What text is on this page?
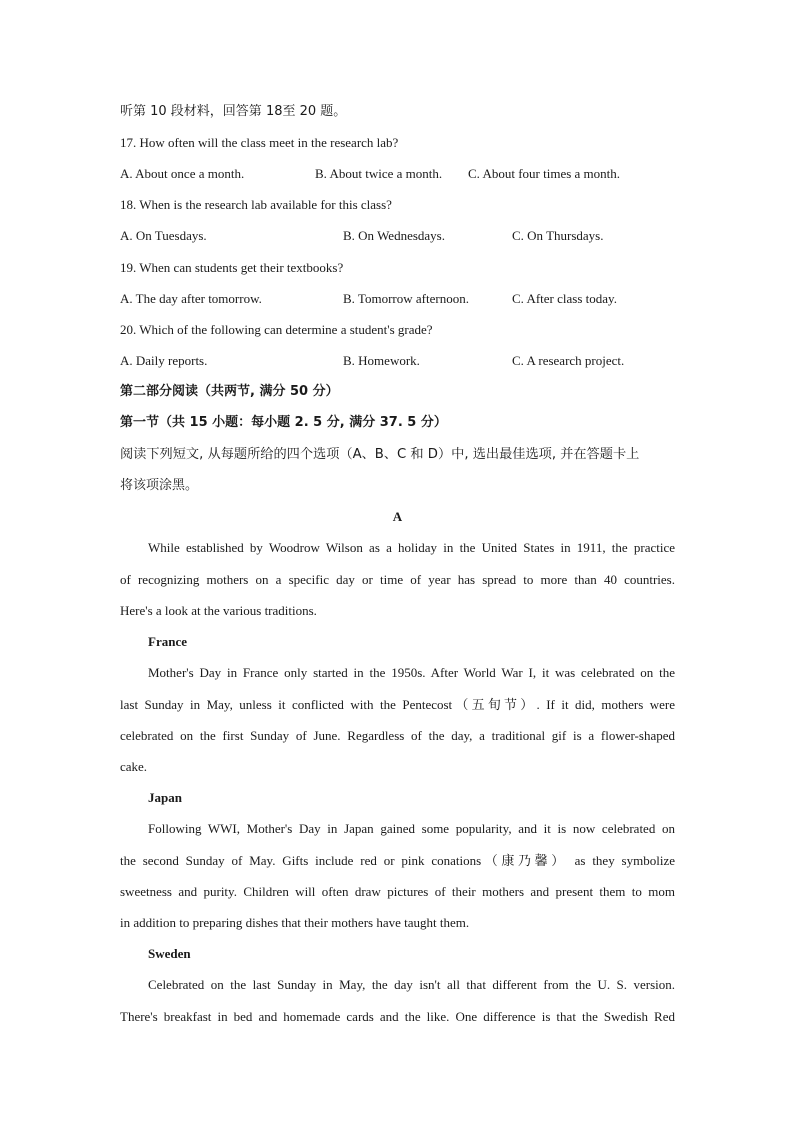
听第 10 段材料，回答第 18至 20 题。
17. How often will the class meet in the research lab?
A. About once a month.	B. About twice a month. C. About four times a month.
18. When is the research lab available for this class?
A. On Tuesdays.	B. On Wednesdays.	C. On Thursdays.
19. When can students get their textbooks?
A. The day after tomorrow.	B. Tomorrow afternoon.	C. After class today.
20. Which of the following can determine a student's grade?
A. Daily reports.	B. Homework.	C. A research project.
第二部分阅读（共两节, 满分 50 分）
第一节（共 15 小题：每小题 2. 5 分, 满分 37. 5 分）
阅读下列短文, 从每题所给的四个选项（A、B、C 和 D）中, 选出最佳选项, 并在答题卡上
将该项涂黑。
A
While established by Woodrow Wilson as a holiday in the United States in 1911, the practice
of recognizing mothers on a specific day or time of year has spread to more than 40 countries.
Here's a look at the various traditions.
France
Mother's Day in France only started in the 1950s. After World War I, it was celebrated on the
last Sunday in May, unless it conflicted with the Pentecost（五旬节）. If it did, mothers were
celebrated on the first Sunday of June. Regardless of the day, a traditional gif is a flower-shaped
cake.
Japan
Following WWI, Mother's Day in Japan gained some popularity, and it is now celebrated on
the second Sunday of May. Gifts include red or pink conations（康乃馨） as they symbolize
sweetness and purity. Children will often draw pictures of their mothers and present them to mom
in addition to preparing dishes that their mothers have taught them.
Sweden
Celebrated on the last Sunday in May, the day isn't all that different from the U. S. version.
There's breakfast in bed and homemade cards and the like. One difference is that the Swedish Red
